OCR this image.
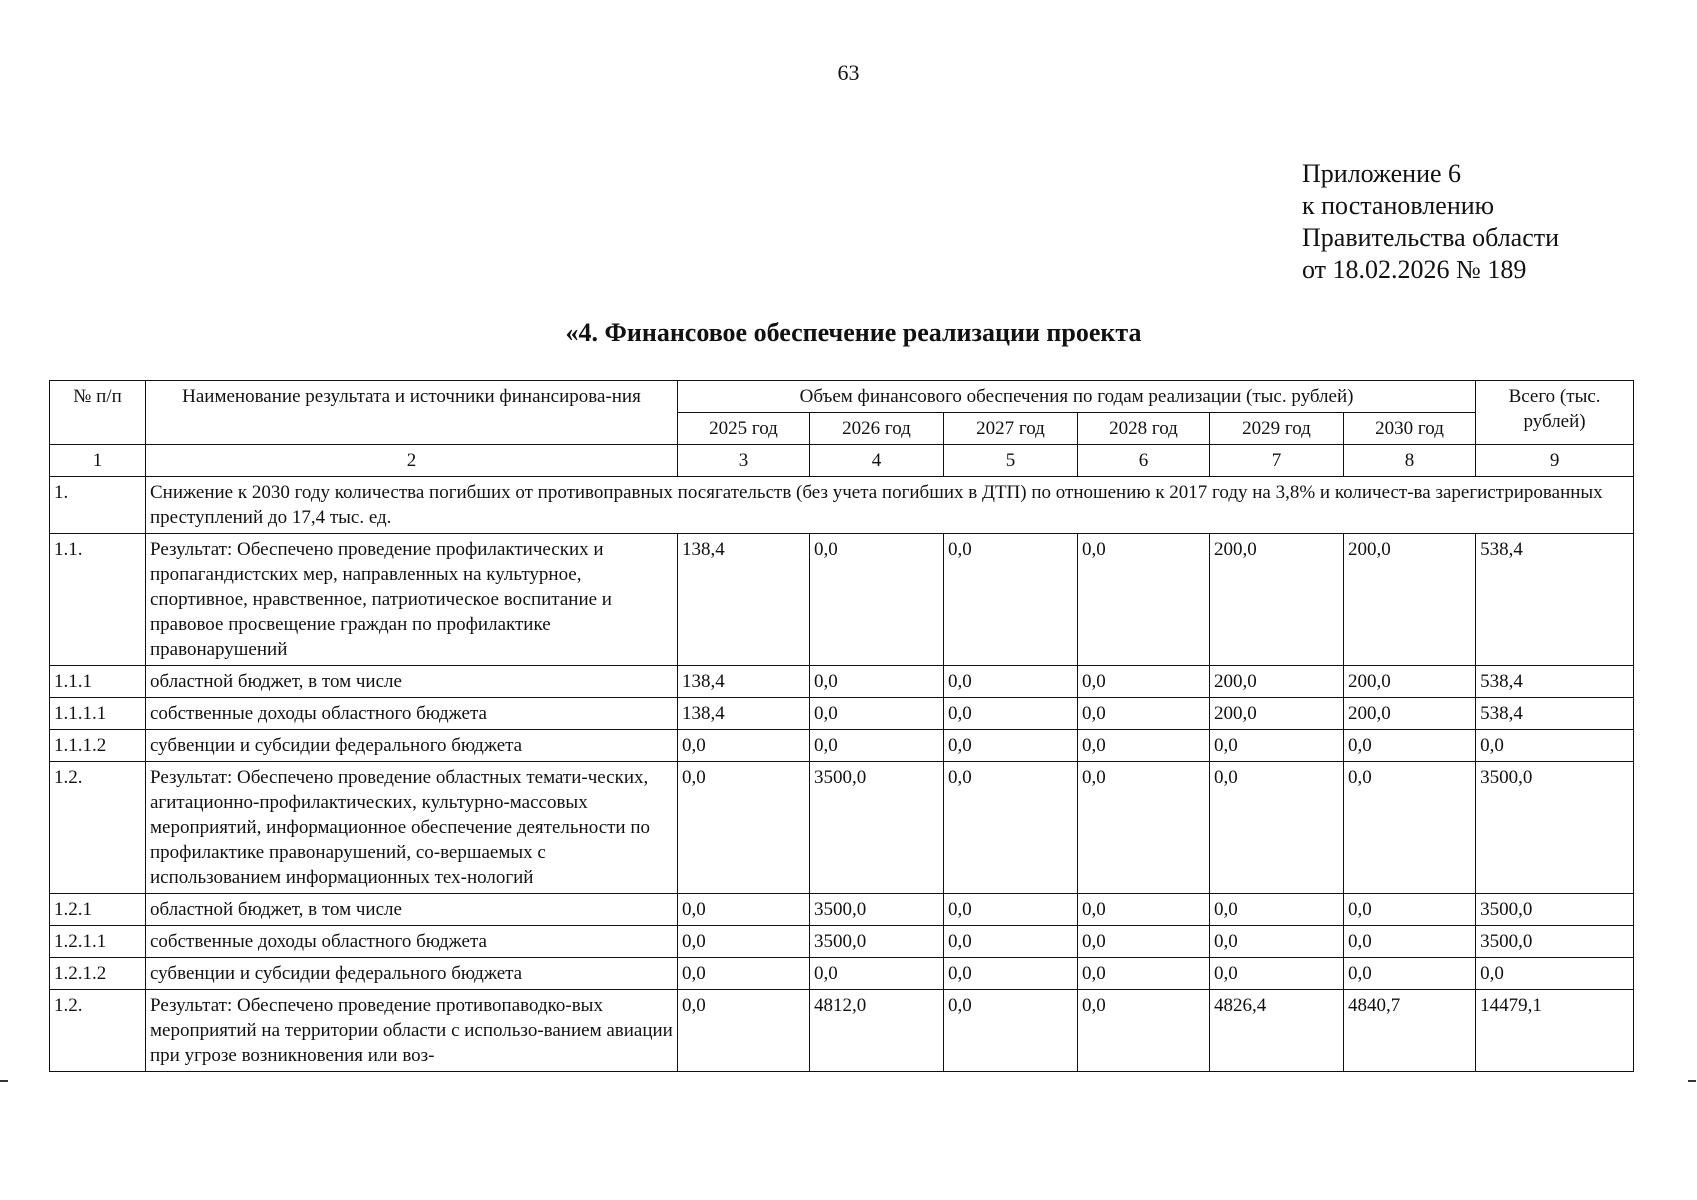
63
Приложение 6
к постановлению
Правительства области
от 18.02.2026 № 189
«4. Финансовое обеспечение реализации проекта
№ п/п	Наименование результата и источники финансирова-ния	Объем финансового обеспечения по годам реализации (тыс. рублей)						Всего (тыс. рублей)
		2025 год	2026 год	2027 год	2028 год	2029 год	2030 год	
1	2	3	4	5	6	7	8	9
1.	Снижение к 2030 году количества погибших от противоправных посягательств (без учета погибших в ДТП) по отношению к 2017 году на 3,8% и количест-ва зарегистрированных преступлений до 17,4 тыс. ед.							
1.1.	Результат: Обеспечено проведение профилактических и пропагандистских мер, направленных на культурное, спортивное, нравственное, патриотическое воспитание и правовое просвещение граждан по профилактике правонарушений	138,4	0,0	0,0	0,0	200,0	200,0	538,4
1.1.1	областной бюджет, в том числе	138,4	0,0	0,0	0,0	200,0	200,0	538,4
1.1.1.1	собственные доходы областного бюджета	138,4	0,0	0,0	0,0	200,0	200,0	538,4
1.1.1.2	субвенции и субсидии федерального бюджета	0,0	0,0	0,0	0,0	0,0	0,0	0,0
1.2.	Результат: Обеспечено проведение областных темати-ческих, агитационно-профилактических, культурно-массовых мероприятий, информационное обеспечение деятельности по профилактике правонарушений, со-вершаемых с использованием информационных тех-нологий	0,0	3500,0	0,0	0,0	0,0	0,0	3500,0
1.2.1	областной бюджет, в том числе	0,0	3500,0	0,0	0,0	0,0	0,0	3500,0
1.2.1.1	собственные доходы областного бюджета	0,0	3500,0	0,0	0,0	0,0	0,0	3500,0
1.2.1.2	субвенции и субсидии федерального бюджета	0,0	0,0	0,0	0,0	0,0	0,0	0,0
1.2.	Результат: Обеспечено проведение противопаводко-вых мероприятий на территории области с использо-ванием авиации при угрозе возникновения или воз-	0,0	4812,0	0,0	0,0	4826,4	4840,7	14479,1
